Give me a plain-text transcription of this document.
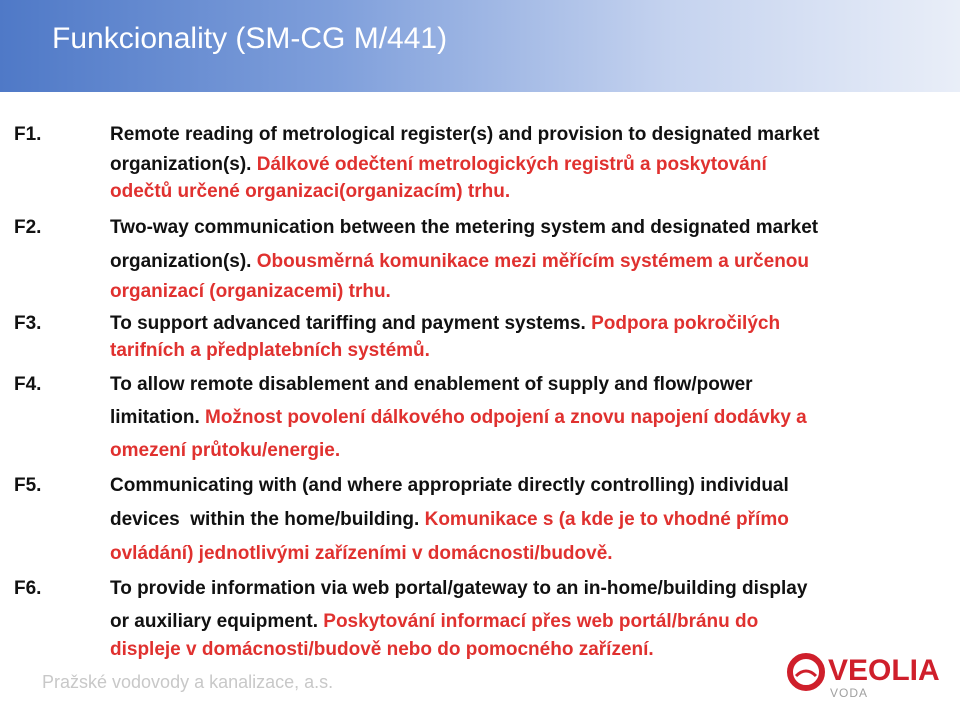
Funkcionality (SM-CG M/441)
F1.	Remote reading of metrological register(s) and provision to designated market
organization(s). Dálkové odečtení metrologických registrů a poskytování
odečtů určené organizaci(organizacím) trhu.
F2.	Two-way communication between the metering system and designated market
organization(s). Obousměrná komunikace mezi měřícím systémem a určenou
organizací (organizacemi) trhu.
F3.	To support advanced tariffing and payment systems. Podpora pokročilých
tarifních a předplatebních systémů.
F4.	To allow remote disablement and enablement of supply and flow/power
limitation. Možnost povolení dálkového odpojení a znovu napojení dodávky a
omezení průtoku/energie.
F5.	Communicating with (and where appropriate directly controlling) individual
devices  within the home/building. Komunikace s (a kde je to vhodné přímo
ovládání) jednotlivými zařízeními v domácnosti/budově.
F6.	To provide information via web portal/gateway to an in-home/building display
or auxiliary equipment. Poskytování informací přes web portál/bránu do
displeje v domácnosti/budově nebo do pomocného zařízení.
Pražské vodovody a kanalizace, a.s.	VEOLIA
VODA
